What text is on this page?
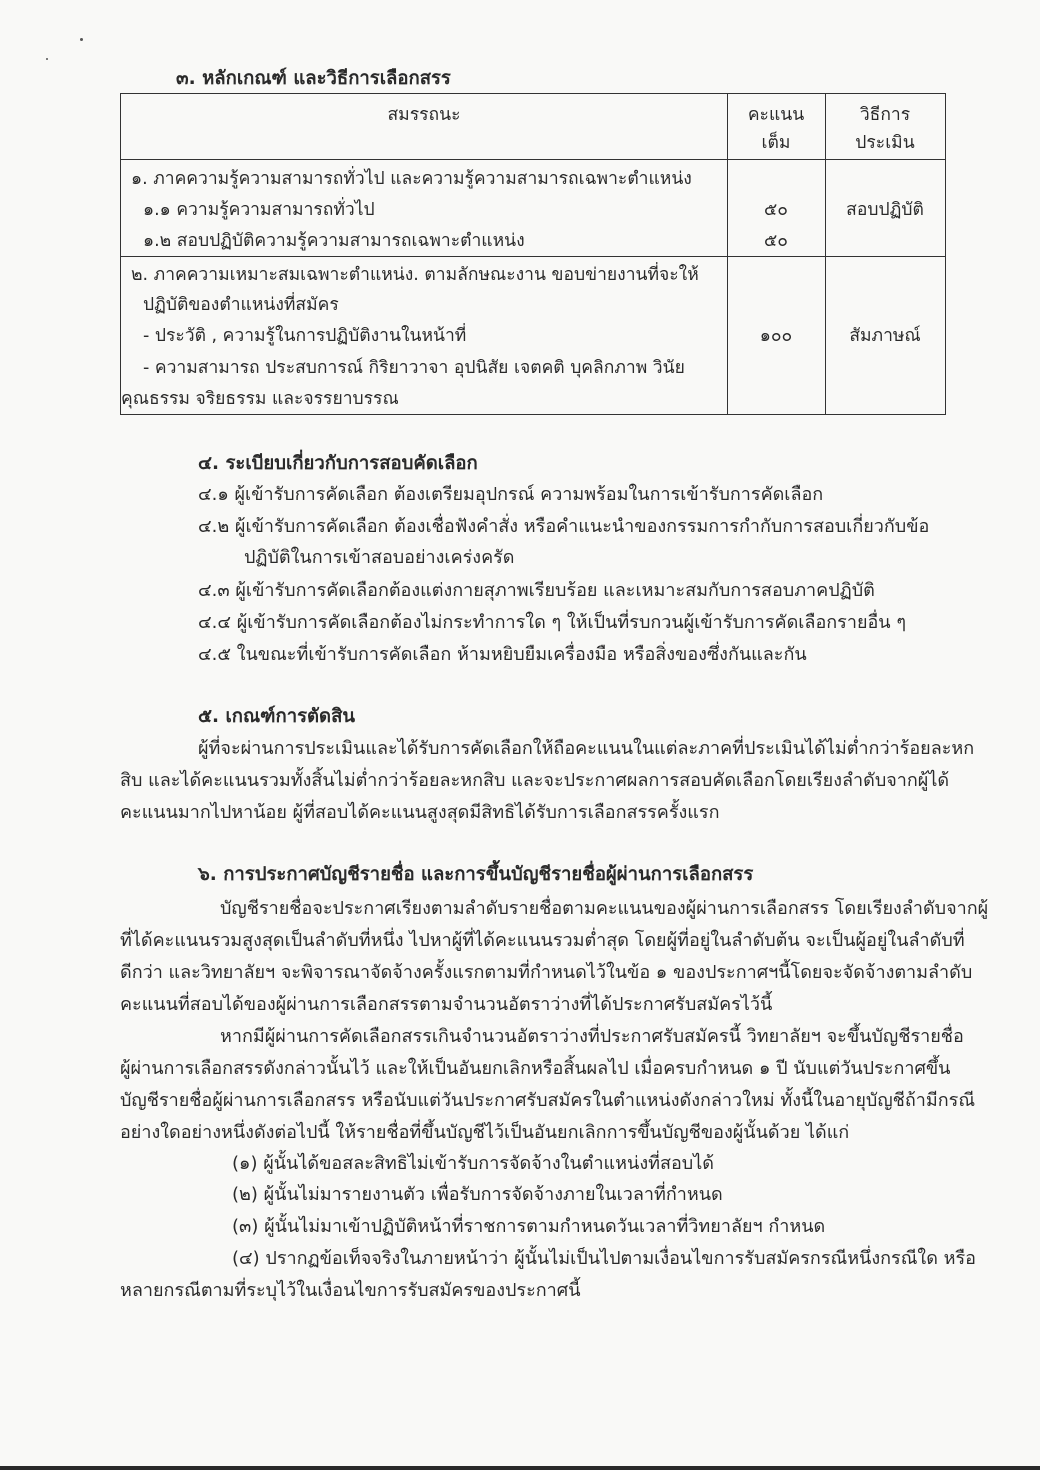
๓. หลักเกณฑ์ และวิธีการเลือกสรร
สมรรถนะ	คะแนน
เต็ม
วิธีการ
ประเมิน
๑. ภาคความรู้ความสามารถทั่วไป และความรู้ความสามารถเฉพาะตำแหน่ง
๑.๑ ความรู้ความสามารถทั่วไป
๑.๒ สอบปฏิบัติความรู้ความสามารถเฉพาะตำแหน่ง
๕๐
๕๐
สอบปฏิบัติ
๒. ภาคความเหมาะสมเฉพาะตำแหน่ง. ตามลักษณะงาน ขอบข่ายงานที่จะให้
ปฏิบัติของตำแหน่งที่สมัคร
- ประวัติ , ความรู้ในการปฏิบัติงานในหน้าที่
- ความสามารถ ประสบการณ์ กิริยาวาจา อุปนิสัย เจตคติ บุคลิกภาพ วินัย
คุณธรรม จริยธรรม และจรรยาบรรณ
๑๐๐	สัมภาษณ์
๔. ระเบียบเกี่ยวกับการสอบคัดเลือก
๔.๑ ผู้เข้ารับการคัดเลือก ต้องเตรียมอุปกรณ์ ความพร้อมในการเข้ารับการคัดเลือก
๔.๒ ผู้เข้ารับการคัดเลือก ต้องเชื่อฟังคำสั่ง หรือคำแนะนำของกรรมการกำกับการสอบเกี่ยวกับข้อ
ปฏิบัติในการเข้าสอบอย่างเคร่งครัด
๔.๓ ผู้เข้ารับการคัดเลือกต้องแต่งกายสุภาพเรียบร้อย และเหมาะสมกับการสอบภาคปฏิบัติ
๔.๔ ผู้เข้ารับการคัดเลือกต้องไม่กระทำการใด ๆ ให้เป็นที่รบกวนผู้เข้ารับการคัดเลือกรายอื่น ๆ
๔.๕ ในขณะที่เข้ารับการคัดเลือก ห้ามหยิบยืมเครื่องมือ หรือสิ่งของซึ่งกันและกัน
๕. เกณฑ์การตัดสิน
ผู้ที่จะผ่านการประเมินและได้รับการคัดเลือกให้ถือคะแนนในแต่ละภาคที่ประเมินได้ไม่ต่ำกว่าร้อยละหก
สิบ และได้คะแนนรวมทั้งสิ้นไม่ต่ำกว่าร้อยละหกสิบ และจะประกาศผลการสอบคัดเลือกโดยเรียงลำดับจากผู้ได้
คะแนนมากไปหาน้อย ผู้ที่สอบได้คะแนนสูงสุดมีสิทธิได้รับการเลือกสรรครั้งแรก
๖. การประกาศบัญชีรายชื่อ และการขึ้นบัญชีรายชื่อผู้ผ่านการเลือกสรร
บัญชีรายชื่อจะประกาศเรียงตามลำดับรายชื่อตามคะแนนของผู้ผ่านการเลือกสรร โดยเรียงลำดับจากผู้
ที่ได้คะแนนรวมสูงสุดเป็นลำดับที่หนึ่ง ไปหาผู้ที่ได้คะแนนรวมต่ำสุด โดยผู้ที่อยู่ในลำดับต้น จะเป็นผู้อยู่ในลำดับที่
ดีกว่า และวิทยาลัยฯ จะพิจารณาจัดจ้างครั้งแรกตามที่กำหนดไว้ในข้อ ๑ ของประกาศฯนี้โดยจะจัดจ้างตามลำดับ
คะแนนที่สอบได้ของผู้ผ่านการเลือกสรรตามจำนวนอัตราว่างที่ได้ประกาศรับสมัครไว้นี้
หากมีผู้ผ่านการคัดเลือกสรรเกินจำนวนอัตราว่างที่ประกาศรับสมัครนี้ วิทยาลัยฯ จะขึ้นบัญชีรายชื่อ
ผู้ผ่านการเลือกสรรดังกล่าวนั้นไว้ และให้เป็นอันยกเลิกหรือสิ้นผลไป เมื่อครบกำหนด ๑ ปี นับแต่วันประกาศขึ้น
บัญชีรายชื่อผู้ผ่านการเลือกสรร หรือนับแต่วันประกาศรับสมัครในตำแหน่งดังกล่าวใหม่ ทั้งนี้ในอายุบัญชีถ้ามีกรณี
อย่างใดอย่างหนึ่งดังต่อไปนี้ ให้รายชื่อที่ขึ้นบัญชีไว้เป็นอันยกเลิกการขึ้นบัญชีของผู้นั้นด้วย ได้แก่
(๑) ผู้นั้นได้ขอสละสิทธิไม่เข้ารับการจัดจ้างในตำแหน่งที่สอบได้
(๒) ผู้นั้นไม่มารายงานตัว เพื่อรับการจัดจ้างภายในเวลาที่กำหนด
(๓) ผู้นั้นไม่มาเข้าปฏิบัติหน้าที่ราชการตามกำหนดวันเวลาที่วิทยาลัยฯ กำหนด
(๔) ปรากฏข้อเท็จจริงในภายหน้าว่า ผู้นั้นไม่เป็นไปตามเงื่อนไขการรับสมัครกรณีหนึ่งกรณีใด หรือ
หลายกรณีตามที่ระบุไว้ในเงื่อนไขการรับสมัครของประกาศนี้
